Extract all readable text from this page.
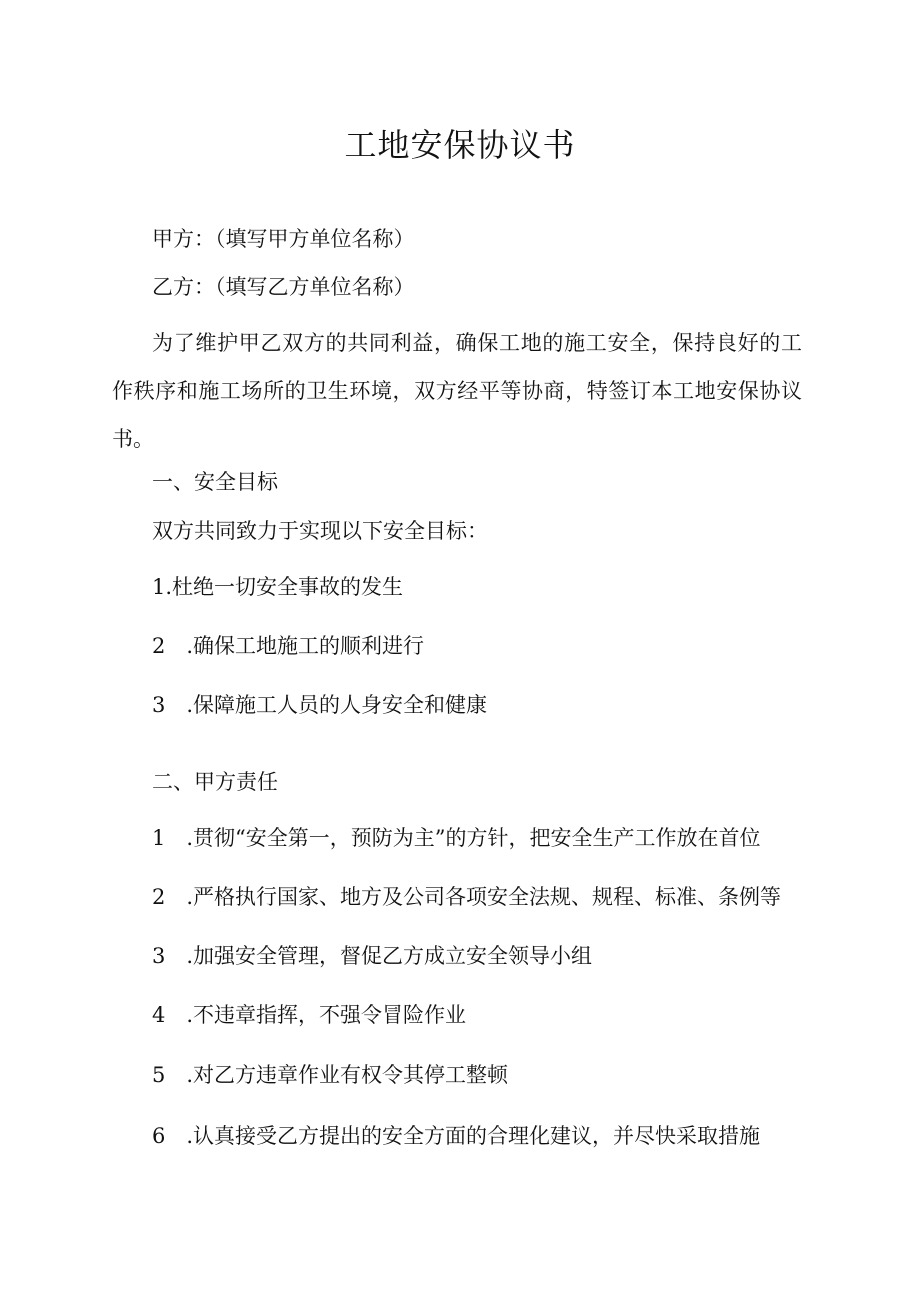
工地安保协议书
甲方：（填写甲方单位名称）
乙方：（填写乙方单位名称）
为了维护甲乙双方的共同利益，确保工地的施工安全，保持良好的工作秩序和施工场所的卫生环境，双方经平等协商，特签订本工地安保协议书。
一、安全目标
双方共同致力于实现以下安全目标：
1.杜绝一切安全事故的发生
2　.确保工地施工的顺利进行
3　.保障施工人员的人身安全和健康
二、甲方责任
1　.贯彻“安全第一，预防为主”的方针，把安全生产工作放在首位
2　.严格执行国家、地方及公司各项安全法规、规程、标准、条例等
3　.加强安全管理，督促乙方成立安全领导小组
4　.不违章指挥，不强令冒险作业
5　.对乙方违章作业有权令其停工整顿
6　.认真接受乙方提出的安全方面的合理化建议，并尽快采取措施
